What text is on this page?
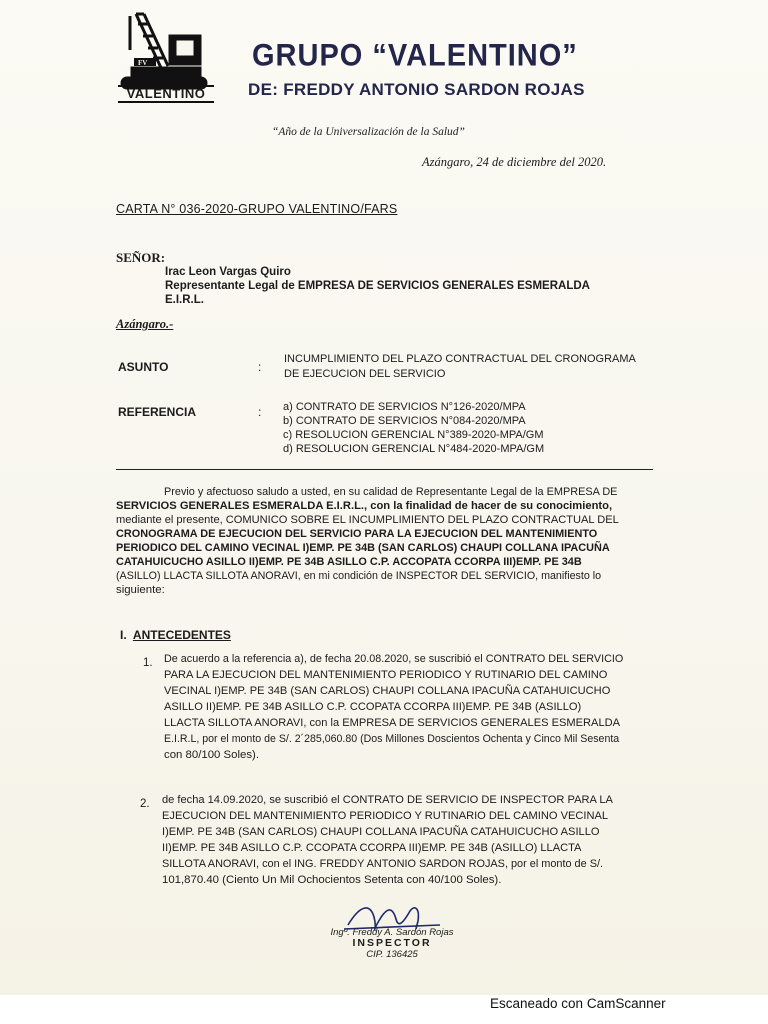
FV
VALENTINO
GRUPO “VALENTINO”
DE: FREDDY ANTONIO SARDON ROJAS
“Año de la Universalización de la Salud”
Azángaro, 24 de diciembre del 2020.
CARTA N° 036-2020-GRUPO VALENTINO/FARS
SEÑOR:
Irac Leon Vargas Quiro
Representante Legal de EMPRESA DE SERVICIOS GENERALES ESMERALDA
E.I.R.L.
Azángaro.-
ASUNTO	:
INCUMPLIMIENTO DEL PLAZO CONTRACTUAL DEL CRONOGRAMA
DE EJECUCION DEL SERVICIO
REFERENCIA	: a) CONTRATO DE SERVICIOS N°126-2020/MPA
b) CONTRATO DE SERVICIOS N°084-2020/MPA
c) RESOLUCION GERENCIAL N°389-2020-MPA/GM
d) RESOLUCION GERENCIAL N°484-2020-MPA/GM
Previo y afectuoso saludo a usted, en su calidad de Representante Legal de la EMPRESA DE
SERVICIOS GENERALES ESMERALDA E.I.R.L., con la finalidad de hacer de su conocimiento,
mediante el presente, COMUNICO SOBRE EL INCUMPLIMIENTO DEL PLAZO CONTRACTUAL DEL
CRONOGRAMA DE EJECUCION DEL SERVICIO PARA LA EJECUCION DEL MANTENIMIENTO
PERIODICO DEL CAMINO VECINAL I)EMP. PE 34B (SAN CARLOS) CHAUPI COLLANA IPACUÑA
CATAHUICUCHO ASILLO II)EMP. PE 34B ASILLO C.P. ACCOPATA CCORPA III)EMP. PE 34B
(ASILLO) LLACTA SILLOTA ANORAVI, en mi condición de INSPECTOR DEL SERVICIO, manifiesto lo
siguiente:
I. ANTECEDENTES
1. De acuerdo a la referencia a), de fecha 20.08.2020, se suscribió el CONTRATO DEL SERVICIO
PARA LA EJECUCION DEL MANTENIMIENTO PERIODICO Y RUTINARIO DEL CAMINO
VECINAL I)EMP. PE 34B (SAN CARLOS) CHAUPI COLLANA IPACUÑA CATAHUICUCHO
ASILLO II)EMP. PE 34B ASILLO C.P. CCOPATA CCORPA III)EMP. PE 34B (ASILLO)
LLACTA SILLOTA ANORAVI, con la EMPRESA DE SERVICIOS GENERALES ESMERALDA
E.I.R.L, por el monto de S/. 2´285,060.80 (Dos Millones Doscientos Ochenta y Cinco Mil Sesenta
con 80/100 Soles).
2. de fecha 14.09.2020, se suscribió el CONTRATO DE SERVICIO DE INSPECTOR PARA LA
EJECUCION DEL MANTENIMIENTO PERIODICO Y RUTINARIO DEL CAMINO VECINAL
I)EMP. PE 34B (SAN CARLOS) CHAUPI COLLANA IPACUÑA CATAHUICUCHO ASILLO
II)EMP. PE 34B ASILLO C.P. CCOPATA CCORPA III)EMP. PE 34B (ASILLO) LLACTA
SILLOTA ANORAVI, con el ING. FREDDY ANTONIO SARDON ROJAS, por el monto de S/.
101,870.40 (Ciento Un Mil Ochocientos Setenta con 40/100 Soles).
Ingº. Freddy A. Sardón Rojas
INSPECTOR
CIP. 136425
Escaneado con CamScanner
